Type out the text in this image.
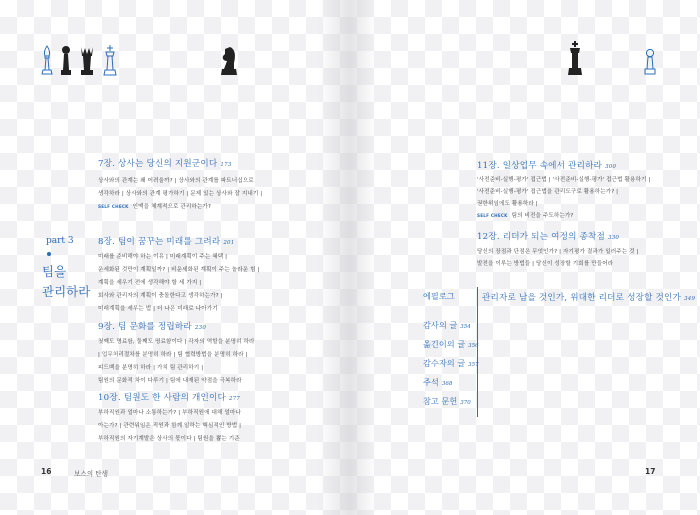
part 3
팀을
관리하라
7장. 상사는 당신의 지원군이다 173
상사와의 관계는 왜 어려울까? | 상사와의 관계를 파트너십으로
생각하라 | 상사와의 관계 평가하기 | 문제 있는 상사와 잘 지내기 |
SELF CHECK 인맥을 체계적으로 관리하는가?
8장. 팀이 꿈꾸는 미래를 그려라 201
미래를 준비해야 하는 이유 | 미래계획이 주는 혜택 |
운세화된 것만이 계획일까? | 비운세화된 계획이 주는 놀라운 힘 |
계획을 세우기 전에 생각해야 할 세 가지 |
회사와 관리자의 계획이 충돌한다고 생각하는가? |
미래계획을 세우는 법 | 더 나은 미래로 나아가기
9장. 팀 문화를 정립하라 230
첫째도 명료함, 둘째도 명료함이다 | 각자의 역할을 분명히 하라
| 업무처리절차를 분명히 하라 | 팀 협력방법을 분명히 하라 |
피드백을 분명히 하라 | 가치 팀 관리하기 |
팀원의 문화적 차이 다루기 | 팀에 내재된 약점을 극복하라
10장. 팀원도 한 사람의 개인이다 277
부하직원과 얼마나 소통하는가? | 부하직원에 대해 얼마나
아는가? | 관련위임은 직원과 함께 일하는 핵심적인 방법 |
부하직원의 자기계발은 상사의 몫이다 | 팀원을 뽑는 기준
16	보스의 탄생
11장. 일상업무 속에서 관리하라 300
'사전준비-실행-평가' 접근법 | '사전준비-실행-평가' 접근법 활용하기 |
'사전준비-실행-평가' 접근법을 관리도구로 활용하는가? |
권한위임에도 활용하라 |
SELF CHECK 팀의 비전을 주도하는가?
12장. 리더가 되는 여정의 종착점 330
당신의 장점과 단점은 무엇인가? | 자기평가 결과가 일러주는 것 |
발전을 이루는 방법들 | 당신이 성장할 기회를 만들어라
에필로그	관리자로 남을 것인가, 위대한 리더로 성장할 것인가 349
감사의 글 354
옮긴이의 글 356
감수자의 글 357
주석 368
참고 문헌 370
17
